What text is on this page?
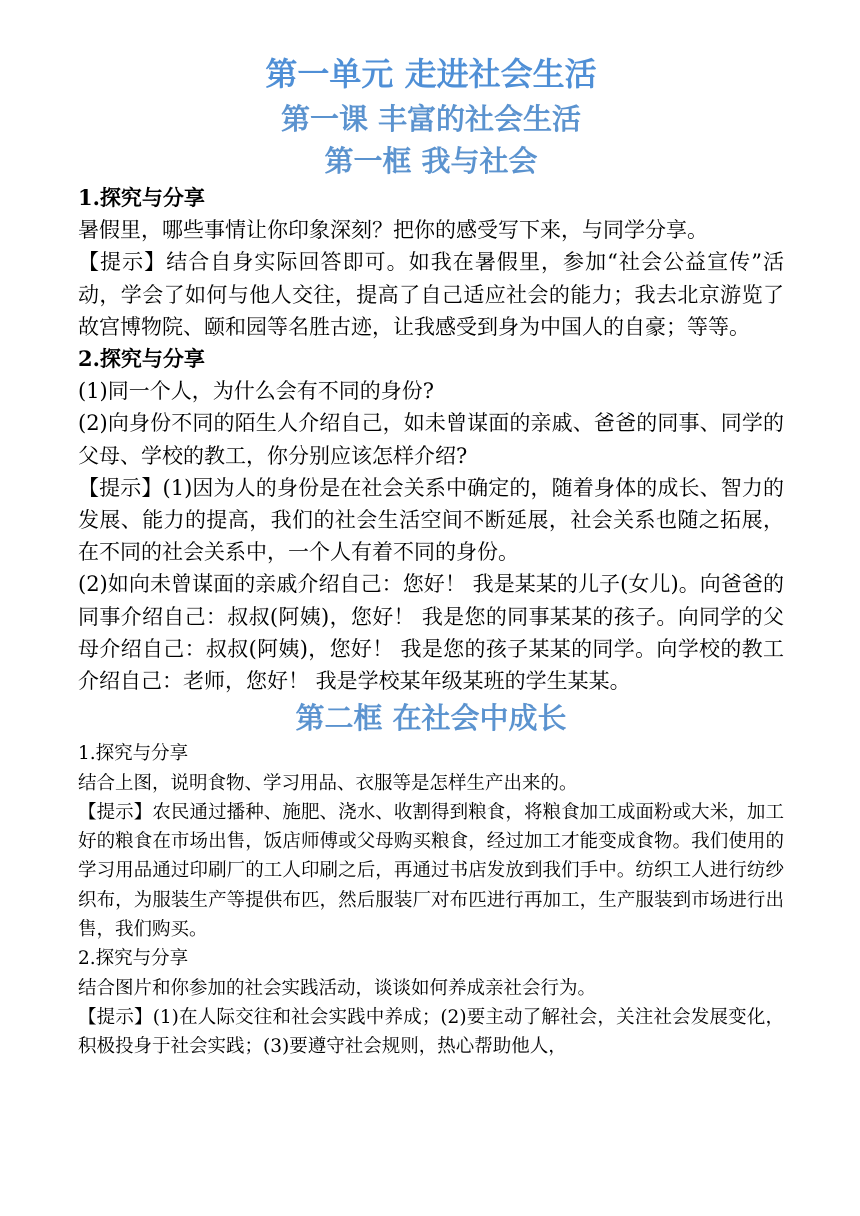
第一单元 走进社会生活
第一课 丰富的社会生活
第一框 我与社会

1.探究与分享

暑假里，哪些事情让你印象深刻？把你的感受写下来，与同学分享。

【提示】结合自身实际回答即可。如我在暑假里，参加“社会公益宣传”活动，学会了如何与他人交往，提高了自己适应社会的能力；我去北京游览了故宫博物院、颐和园等名胜古迹，让我感受到身为中国人的自豪；等等。

2.探究与分享

(1)同一个人，为什么会有不同的身份?

(2)向身份不同的陌生人介绍自己，如未曾谋面的亲戚、爸爸的同事、同学的父母、学校的教工，你分别应该怎样介绍?

【提示】(1)因为人的身份是在社会关系中确定的，随着身体的成长、智力的发展、能力的提高，我们的社会生活空间不断延展，社会关系也随之拓展，在不同的社会关系中，一个人有着不同的身份。

(2)如向未曾谋面的亲戚介绍自己：您好！ 我是某某的儿子(女儿)。向爸爸的同事介绍自己：叔叔(阿姨)，您好！ 我是您的同事某某的孩子。向同学的父母介绍自己：叔叔(阿姨)，您好！ 我是您的孩子某某的同学。向学校的教工介绍自己：老师，您好！ 我是学校某年级某班的学生某某。

第二框 在社会中成长

1.探究与分享

结合上图，说明食物、学习用品、衣服等是怎样生产出来的。

【提示】农民通过播种、施肥、浇水、收割得到粮食，将粮食加工成面粉或大米，加工好的粮食在市场出售，饭店师傅或父母购买粮食，经过加工才能变成食物。我们使用的学习用品通过印刷厂的工人印刷之后，再通过书店发放到我们手中。纺织工人进行纺纱织布，为服装生产等提供布匹，然后服装厂对布匹进行再加工，生产服装到市场进行出售，我们购买。

2.探究与分享

结合图片和你参加的社会实践活动，谈谈如何养成亲社会行为。

【提示】(1)在人际交往和社会实践中养成；(2)要主动了解社会，关注社会发展变化，积极投身于社会实践；(3)要遵守社会规则，热心帮助他人，
